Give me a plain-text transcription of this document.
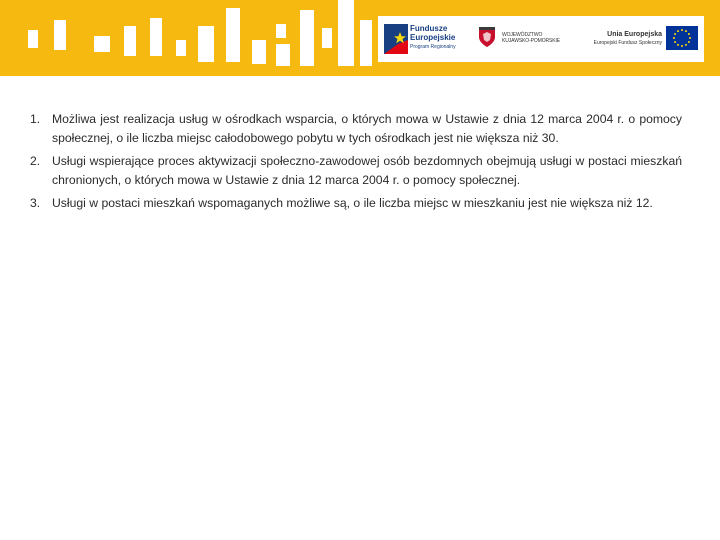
Fundusze
Europejskie
Program Regionalny
WOJEWÓDZTWO
KUJAWSKO-POMORSKIE
Unia Europejska
Europejski Fundusz Społeczny
1. Możliwa jest realizacja usług w ośrodkach wsparcia, o których mowa w Ustawie z dnia 12 marca 2004 r. o pomocy społecznej, o ile liczba miejsc całodobowego pobytu w tych ośrodkach jest nie większa niż 30.
2. Usługi wspierające proces aktywizacji społeczno-zawodowej osób bezdomnych obejmują usługi w postaci mieszkań chronionych, o których mowa w Ustawie z dnia 12 marca 2004 r. o pomocy społecznej.
3. Usługi w postaci mieszkań wspomaganych możliwe są, o ile liczba miejsc w mieszkaniu jest nie większa niż 12.
